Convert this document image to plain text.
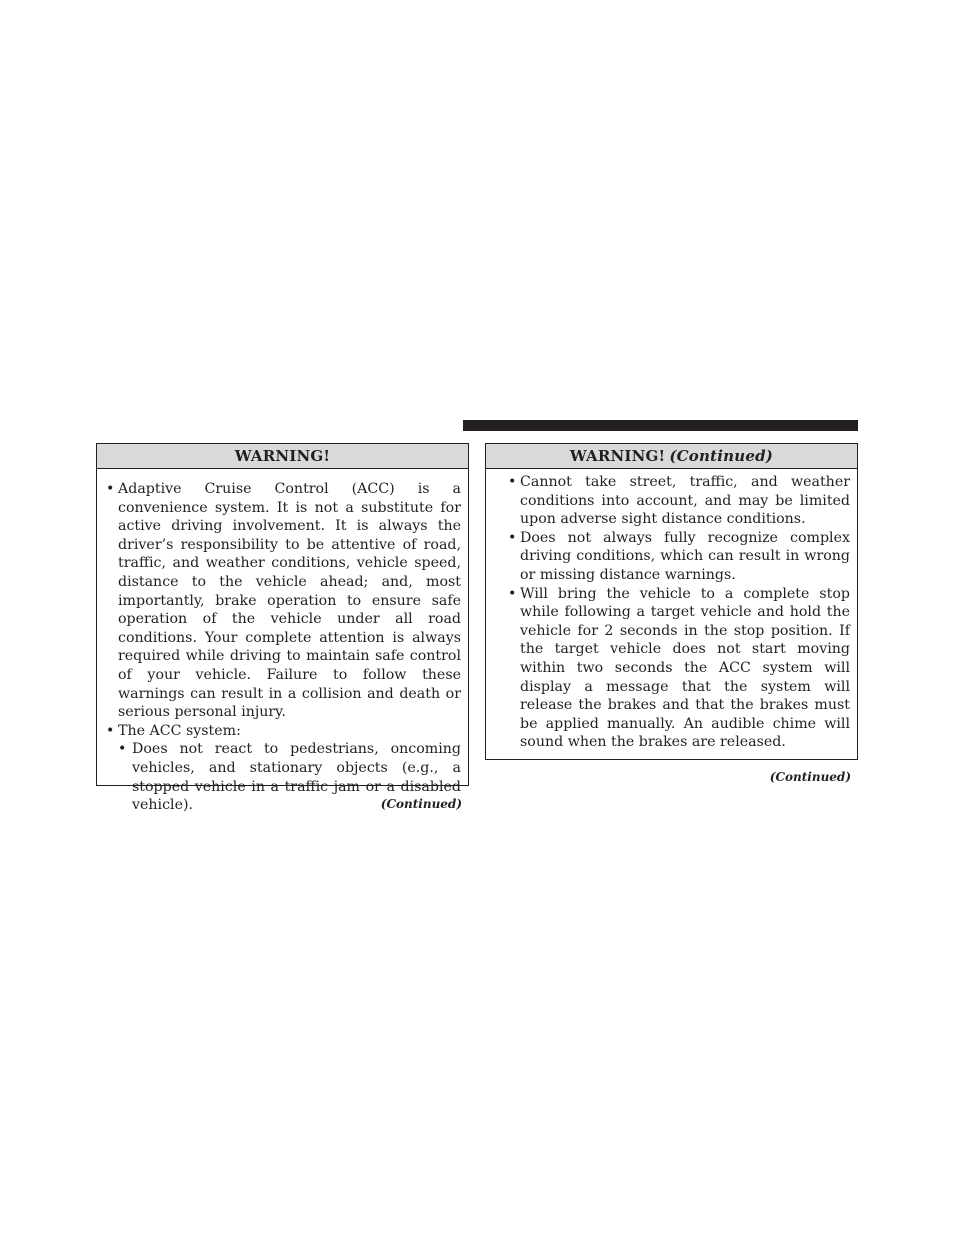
WARNING!
• Adaptive Cruise Control (ACC) is a convenience system. It is not a substitute for active driving involvement. It is always the driver’s responsibility to be attentive of road, traffic, and weather conditions, vehicle speed, distance to the vehicle ahead; and, most importantly, brake operation to ensure safe operation of the vehicle under all road conditions. Your complete attention is always required while driving to maintain safe control of your vehicle. Failure to follow these warnings can result in a collision and death or serious personal injury.
• The ACC system:
• Does not react to pedestrians, oncoming vehicles, and stationary objects (e.g., a stopped vehicle in a traffic jam or a disabled vehicle).	(Continued)
WARNING! (Continued)
• Cannot take street, traffic, and weather conditions into account, and may be limited upon adverse sight distance conditions.
• Does not always fully recognize complex driving conditions, which can result in wrong or missing distance warnings.
• Will bring the vehicle to a complete stop while following a target vehicle and hold the vehicle for 2 seconds in the stop position. If the target vehicle does not start moving within two seconds the ACC system will display a message that the system will release the brakes and that the brakes must be applied manually. An audible chime will sound when the brakes are released.
(Continued)
